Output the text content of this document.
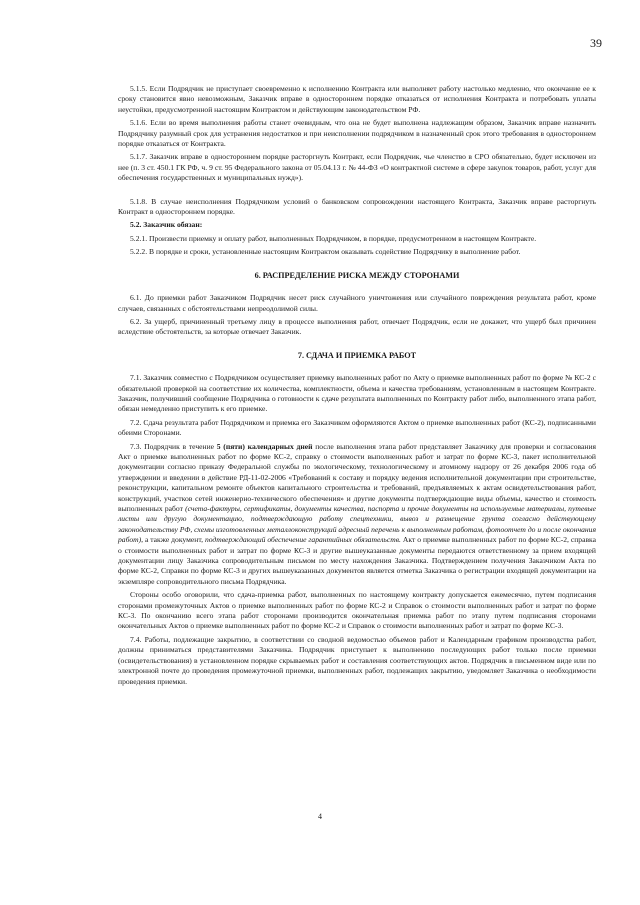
39

5.1.5. Если Подрядчик не приступает своевременно к исполнению Контракта или выполняет работу настолько медленно, что окончание ее к сроку становится явно невозможным, Заказчик вправе в одностороннем порядке отказаться от исполнения Контракта и потребовать уплаты неустойки, предусмотренной настоящим Контрактом и действующим законодательством РФ.

5.1.6. Если во время выполнения работы станет очевидным, что она не будет выполнена надлежащим образом, Заказчик вправе назначить Подрядчику разумный срок для устранения недостатков и при неисполнении подрядчиком в назначенный срок этого требования в одностороннем порядке отказаться от Контракта.

5.1.7. Заказчик вправе в одностороннем порядке расторгнуть Контракт, если Подрядчик, чье членство в СРО обязательно, будет исключен из нее (п. 3 ст. 450.1 ГК РФ, ч. 9 ст. 95 Федерального закона от 05.04.13 г. № 44-ФЗ «О контрактной системе в сфере закупок товаров, работ, услуг для обеспечения государственных и муниципальных нужд»).

5.1.8. В случае неисполнения Подрядчиком условий о банковском сопровождении настоящего Контракта, Заказчик вправе расторгнуть Контракт в одностороннем порядке.

5.2. Заказчик обязан:

5.2.1. Произвести приемку и оплату работ, выполненных Подрядчиком, в порядке, предусмотренном в настоящем Контракте.

5.2.2. В порядке и сроки, установленные настоящим Контрактом оказывать содействие Подрядчику в выполнение работ.

6. РАСПРЕДЕЛЕНИЕ РИСКА МЕЖДУ СТОРОНАМИ

6.1. До приемки работ Заказчиком Подрядчик несет риск случайного уничтожения или случайного повреждения результата работ, кроме случаев, связанных с обстоятельствами непреодолимой силы.

6.2. За ущерб, причиненный третьему лицу в процессе выполнения работ, отвечает Подрядчик, если не докажет, что ущерб был причинен вследствие обстоятельств, за которые отвечает Заказчик.

7. СДАЧА И ПРИЕМКА РАБОТ

7.1. Заказчик совместно с Подрядчиком осуществляет приемку выполненных работ по Акту о приемке выполненных работ по форме № КС-2 с обязательной проверкой на соответствие их количества, комплектности, объема и качества требованиям, установленным в настоящем Контракте. Заказчик, получивший сообщение Подрядчика о готовности к сдаче результата выполненных по Контракту работ либо, выполненного этапа работ, обязан немедленно приступить к его приемке.

7.2. Сдача результата работ Подрядчиком и приемка его Заказчиком оформляются Актом о приемке выполненных работ (КС-2), подписанными обеими Сторонами.

7.3. Подрядчик в течение 5 (пяти) календарных дней после выполнения этапа работ представляет Заказчику для проверки и согласования Акт о приемке выполненных работ по форме КС-2, справку о стоимости выполненных работ и затрат по форме КС-3, пакет исполнительной документации согласно приказу Федеральной службы по экологическому, технологическому и атомному надзору от 26 декабря 2006 года об утверждении и введении в действие РД-11-02-2006 «Требований к составу и порядку ведения исполнительной документации при строительстве, реконструкции, капитальном ремонте объектов капитального строительства и требований, предъявляемых к актам освидетельствования работ, конструкций, участков сетей инженерно-технического обеспечения» и другие документы подтверждающие виды объемы, качество и стоимость выполненных работ (счета-фактуры, сертификаты, документы качества, паспорта и прочие документы на используемые материалы, путевые листы или другую документацию, подтверждающую работу спецтехники, вывоз и размещение грунта согласно действующему законодательству РФ, схемы изготовленных металлоконструкций адресный перечень к выполненным работам, фотоотчет до и после окончания работ), а также документ, подтверждающий обеспечение гарантийных обязательств. Акт о приемке выполненных работ по форме КС-2, справка о стоимости выполненных работ и затрат по форме КС-3 и другие вышеуказанные документы передаются ответственному за прием входящей документации лицу Заказчика сопроводительным письмом по месту нахождения Заказчика. Подтверждением получения Заказчиком Акта по форме КС-2, Справки по форме КС-3 и других вышеуказанных документов является отметка Заказчика о регистрации входящей документации на экземпляре сопроводительного письма Подрядчика.

Стороны особо оговорили, что сдача-приемка работ, выполненных по настоящему контракту допускается ежемесячно, путем подписания сторонами промежуточных Актов о приемке выполненных работ по форме КС-2 и Справок о стоимости выполненных работ и затрат по форме КС-3. По окончанию всего этапа работ сторонами производится окончательная приемка работ по этапу путем подписания сторонами окончательных Актов о приемке выполненных работ по форме КС-2 и Справок о стоимости выполненных работ и затрат по форме КС-3.

7.4. Работы, подлежащие закрытию, в соответствии со сводной ведомостью объемов работ и Календарным графиком производства работ, должны приниматься представителями Заказчика. Подрядчик приступает к выполнению последующих работ только после приемки (освидетельствования) в установленном порядке скрываемых работ и составления соответствующих актов. Подрядчик в письменном виде или по электронной почте до проведения промежуточной приемки, выполненных работ, подлежащих закрытию, уведомляет Заказчика о необходимости проведения приемки.

4
